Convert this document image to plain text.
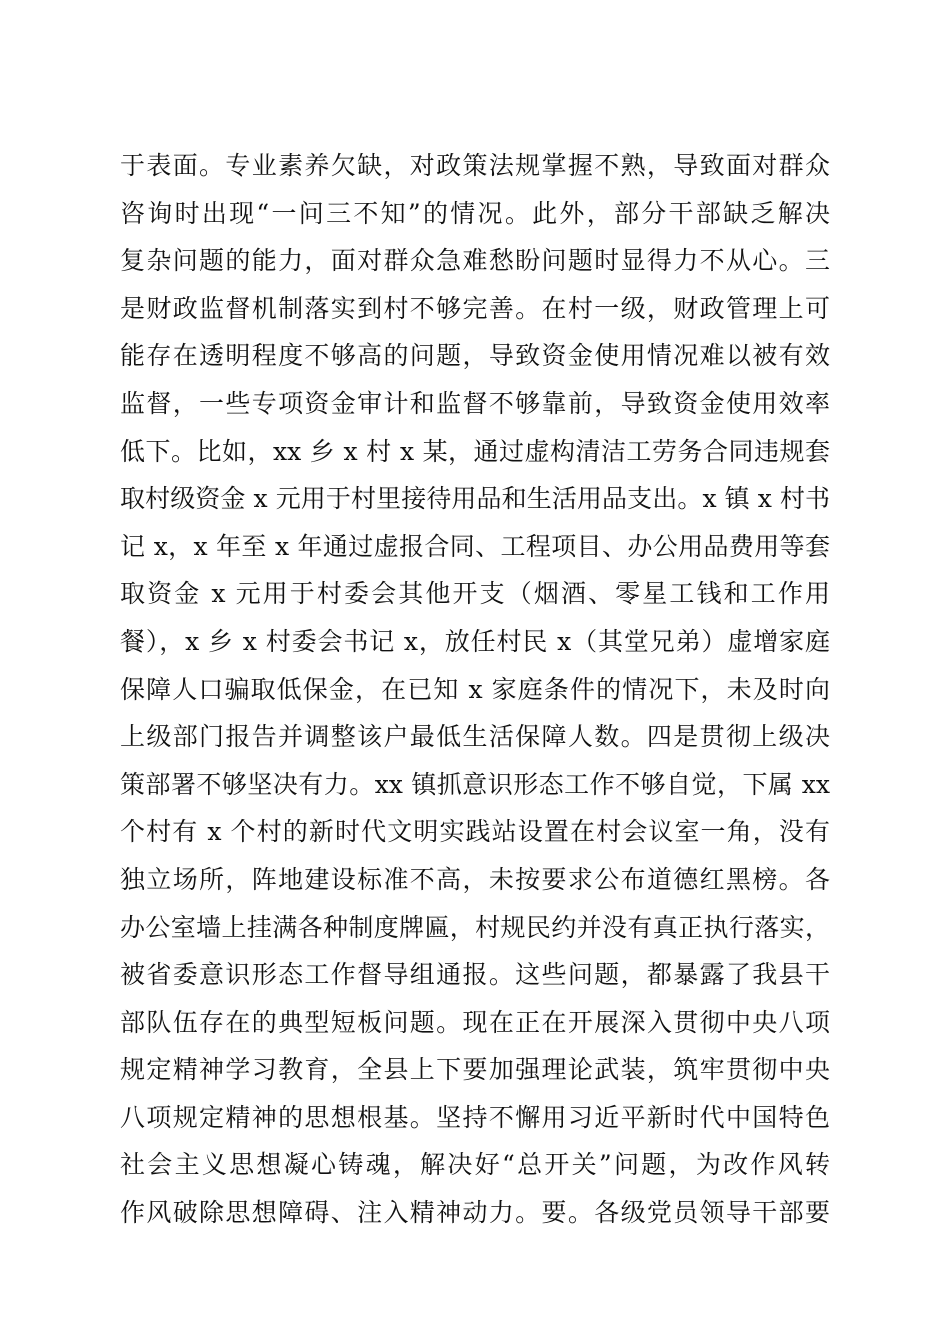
于表面。专业素养欠缺，对政策法规掌握不熟，导致面对群众
咨询时出现“一问三不知”的情况。此外，部分干部缺乏解决
复杂问题的能力，面对群众急难愁盼问题时显得力不从心。三
是财政监督机制落实到村不够完善。在村一级，财政管理上可
能存在透明程度不够高的问题，导致资金使用情况难以被有效
监督，一些专项资金审计和监督不够靠前，导致资金使用效率
低下。比如，xx 乡 x 村 x 某，通过虚构清洁工劳务合同违规套
取村级资金 x 元用于村里接待用品和生活用品支出。x 镇 x 村书
记 x，x 年至 x 年通过虚报合同、工程项目、办公用品费用等套
取资金 x 元用于村委会其他开支（烟酒、零星工钱和工作用
餐），x 乡 x 村委会书记 x，放任村民 x（其堂兄弟）虚增家庭
保障人口骗取低保金，在已知 x 家庭条件的情况下，未及时向
上级部门报告并调整该户最低生活保障人数。四是贯彻上级决
策部署不够坚决有力。xx 镇抓意识形态工作不够自觉，下属 xx
个村有 x 个村的新时代文明实践站设置在村会议室一角，没有
独立场所，阵地建设标准不高，未按要求公布道德红黑榜。各
办公室墙上挂满各种制度牌匾，村规民约并没有真正执行落实，
被省委意识形态工作督导组通报。这些问题，都暴露了我县干
部队伍存在的典型短板问题。现在正在开展深入贯彻中央八项
规定精神学习教育，全县上下要加强理论武装，筑牢贯彻中央
八项规定精神的思想根基。坚持不懈用习近平新时代中国特色
社会主义思想凝心铸魂，解决好“总开关”问题，为改作风转
作风破除思想障碍、注入精神动力。要。各级党员领导干部要
